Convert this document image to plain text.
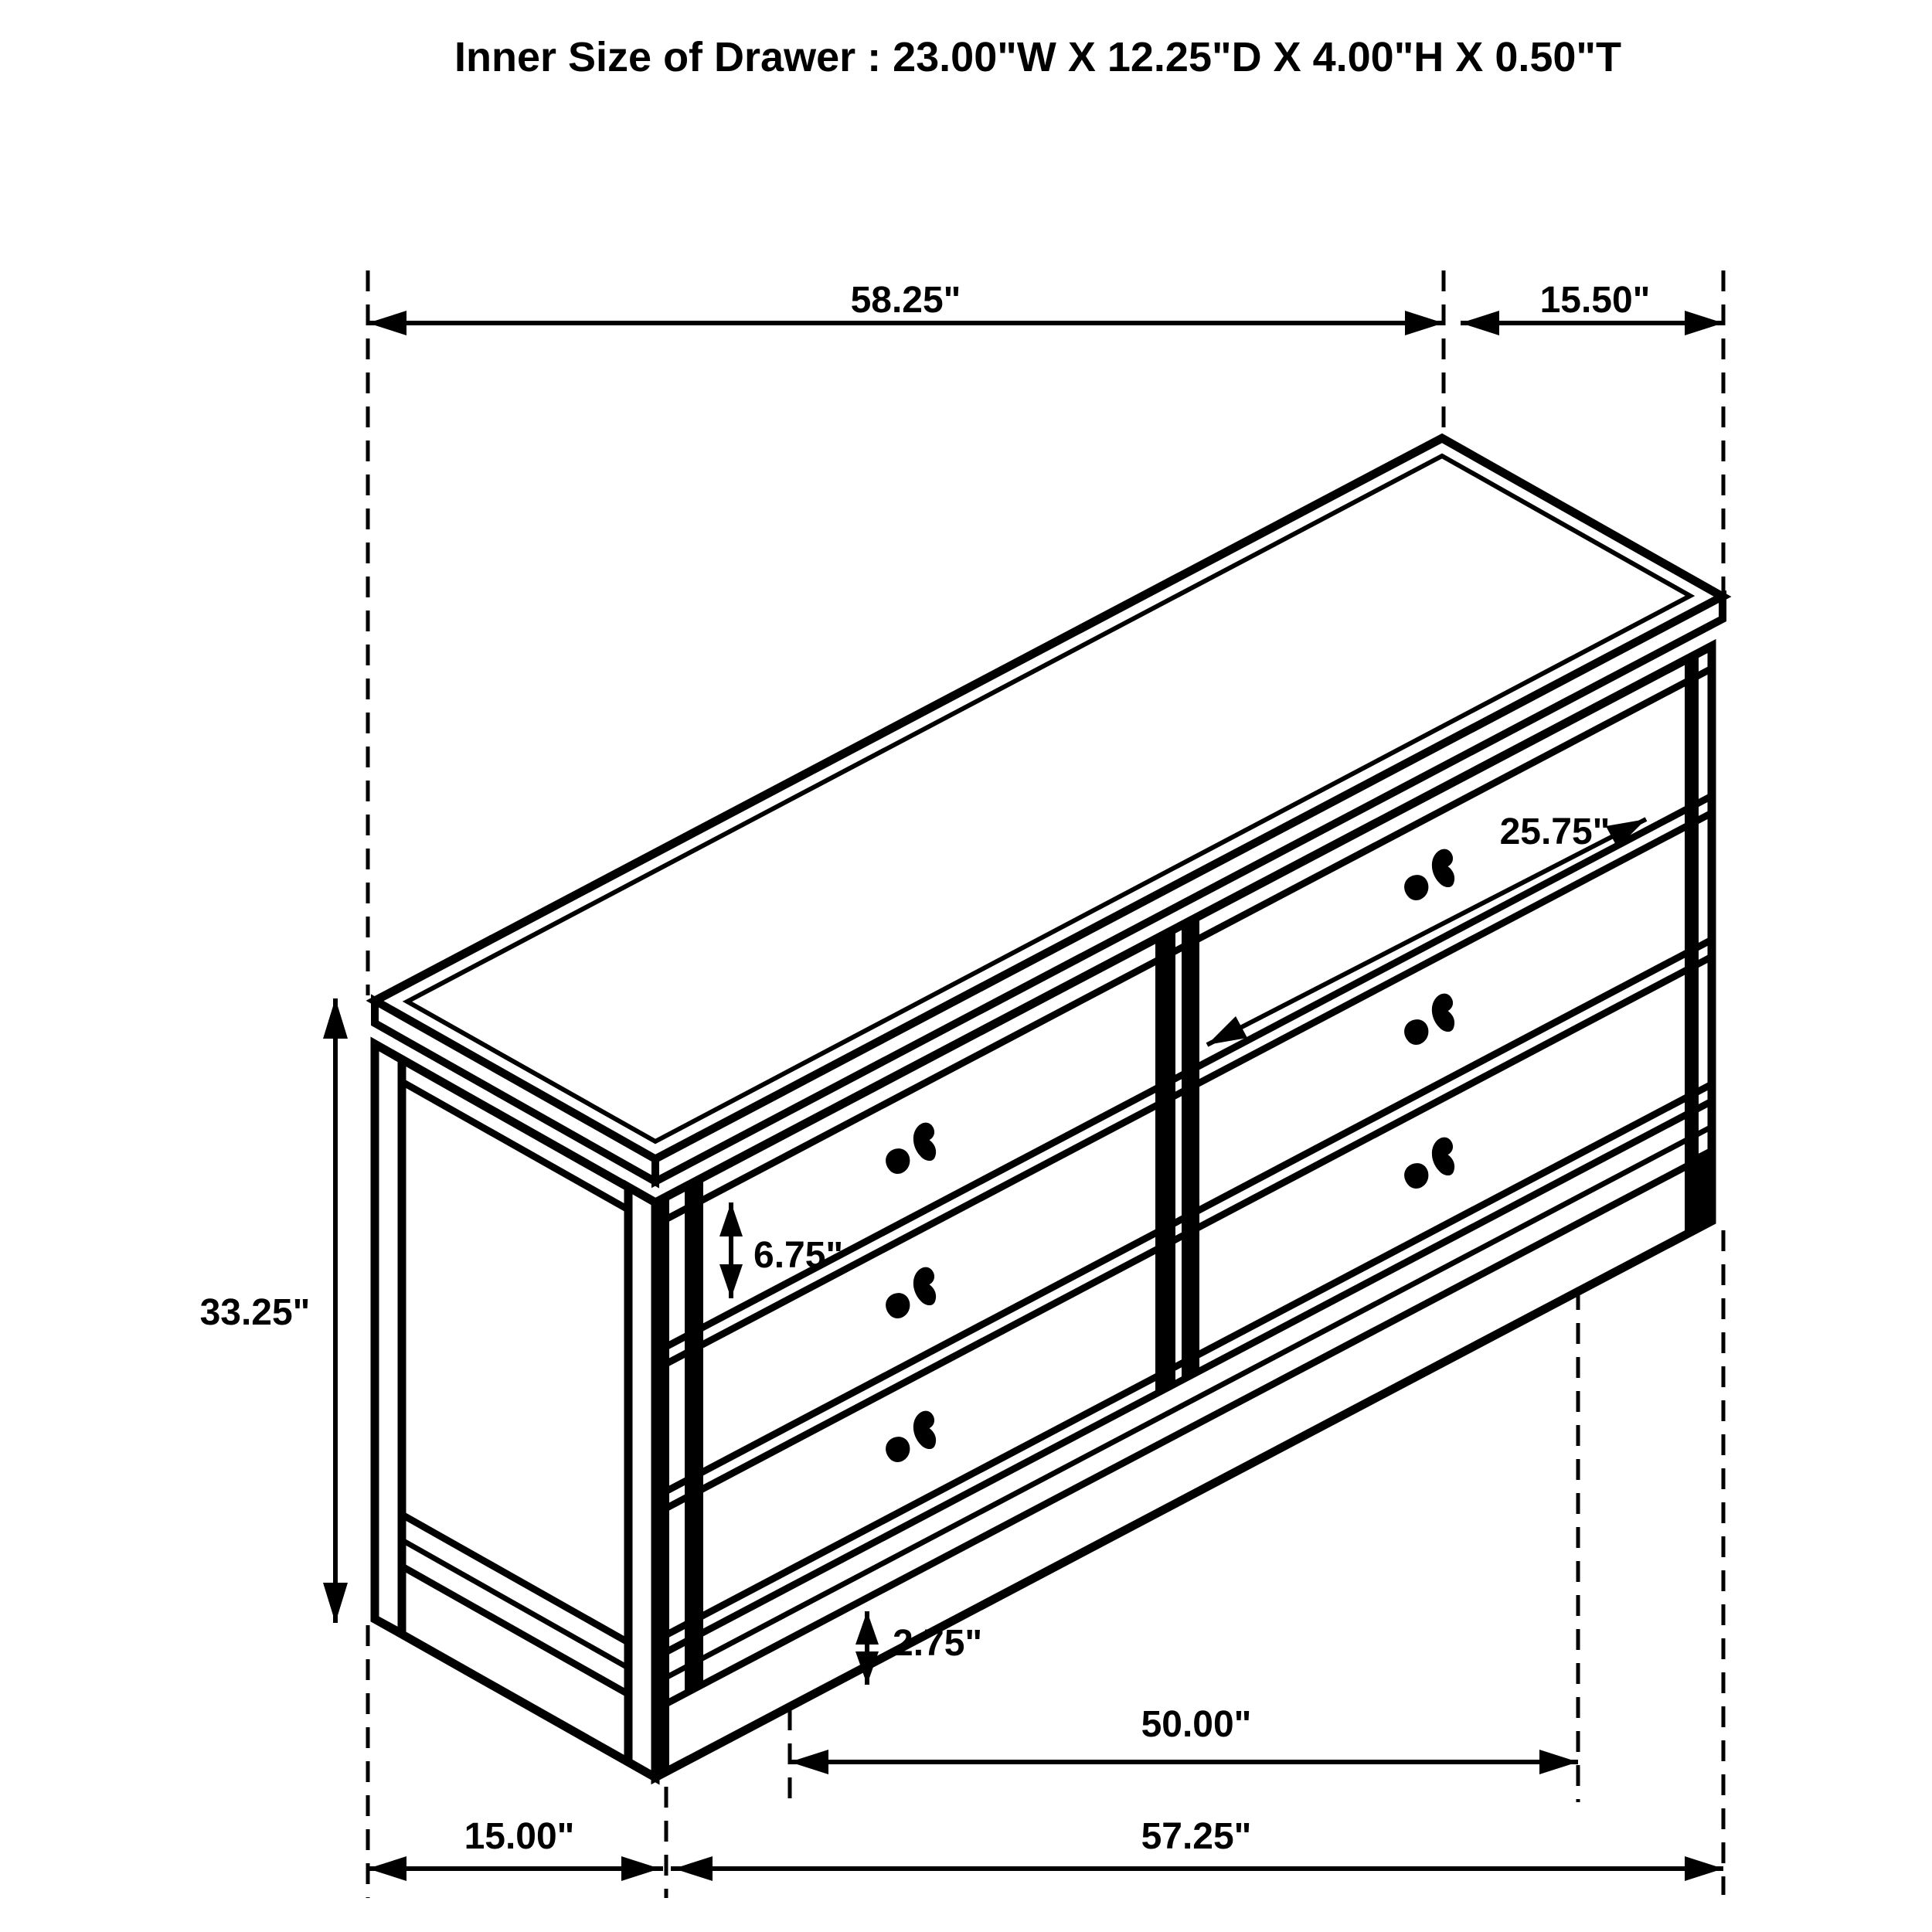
Inner Size of Drawer : 23.00"W X 12.25"D X 4.00"H X 0.50"T
58.25"	15.50"
33.25"
25.75"
6.75"
2.75"
50.00"
15.00"	57.25"
